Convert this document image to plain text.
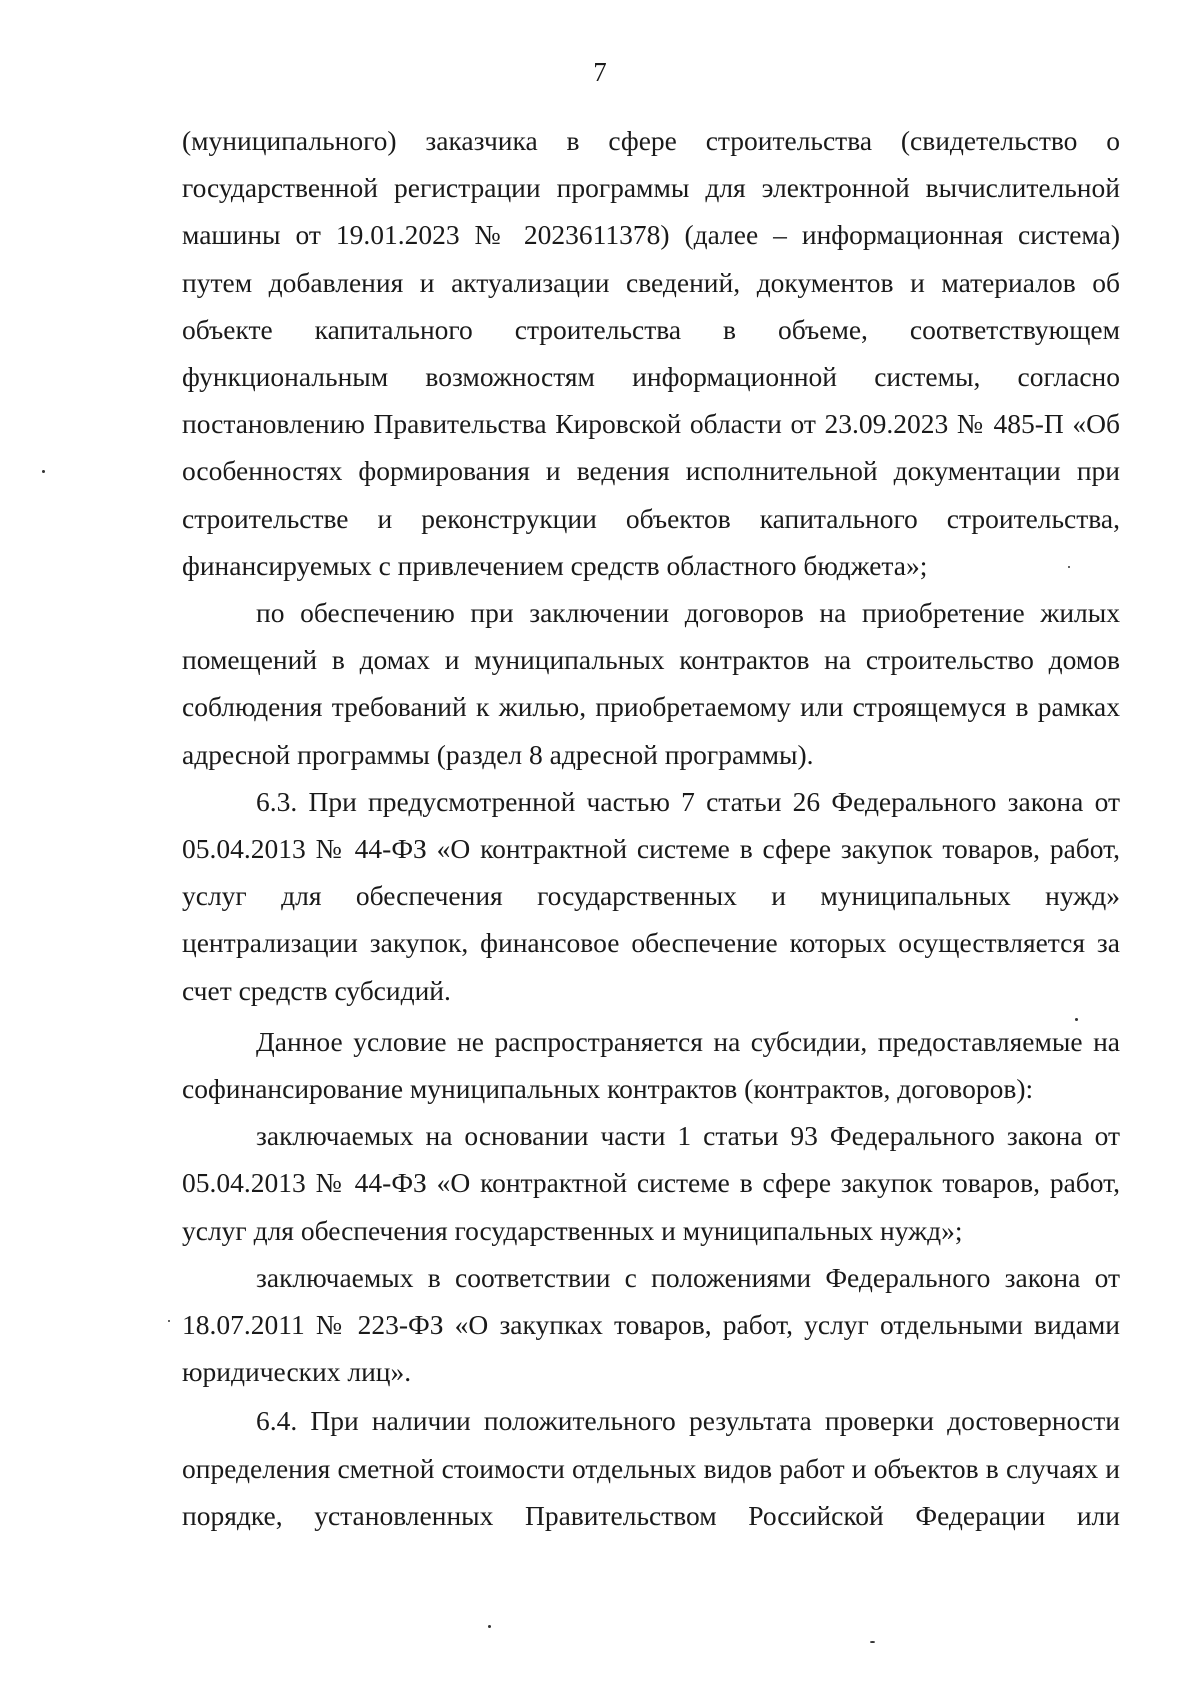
7

(муниципального) заказчика в сфере строительства (свидетельство о государственной регистрации программы для электронной вычислительной машины от 19.01.2023 № 2023611378) (далее – информационная система) путем добавления и актуализации сведений, документов и материалов об объекте капитального строительства в объеме, соответствующем функциональным возможностям информационной системы, согласно постановлению Правительства Кировской области от 23.09.2023 № 485-П «Об особенностях формирования и ведения исполнительной документации при строительстве и реконструкции объектов капитального строительства, финансируемых с привлечением средств областного бюджета»;

по обеспечению при заключении договоров на приобретение жилых помещений в домах и муниципальных контрактов на строительство домов соблюдения требований к жилью, приобретаемому или строящемуся в рамках адресной программы (раздел 8 адресной программы).

6.3. При предусмотренной частью 7 статьи 26 Федерального закона от 05.04.2013 № 44-ФЗ «О контрактной системе в сфере закупок товаров, работ, услуг для обеспечения государственных и муниципальных нужд» централизации закупок, финансовое обеспечение которых осуществляется за счет средств субсидий.

Данное условие не распространяется на субсидии, предоставляемые на софинансирование муниципальных контрактов (контрактов, договоров):

заключаемых на основании части 1 статьи 93 Федерального закона от 05.04.2013 № 44-ФЗ «О контрактной системе в сфере закупок товаров, работ, услуг для обеспечения государственных и муниципальных нужд»;

заключаемых в соответствии с положениями Федерального закона от 18.07.2011 № 223-ФЗ «О закупках товаров, работ, услуг отдельными видами юридических лиц».

6.4. При наличии положительного результата проверки достоверности определения сметной стоимости отдельных видов работ и объектов в случаях и порядке, установленных Правительством Российской Федерации или
